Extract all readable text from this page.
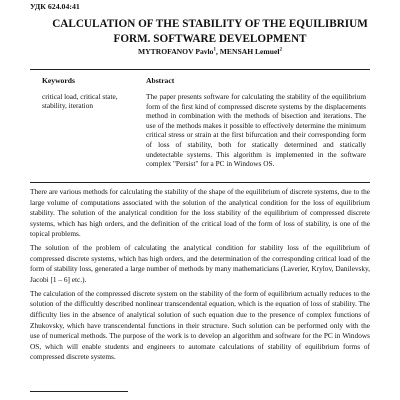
УДК 624.04:41
CALCULATION OF THE STABILITY OF THE EQUILIBRIUM FORM. SOFTWARE DEVELOPMENT
MYTROFANOV Pavlo$^1$, MENSAH Lemuel$^2$
Keywords	Abstract
critical load, critical state, stability, iteration
The paper presents software for calculating the stability of the equilibrium form of the first kind of compressed discrete systems by the displacements method in combination with the methods of bisection and iterations. The use of the methods makes it possible to effectively determine the minimum critical stress or strain at the first bifurcation and their corresponding form of loss of stability, both for statically determined and statically undetectable systems. This algorithm is implemented in the software complex "Persist" for a PC in Windows OS.

There are various methods for calculating the stability of the shape of the equilibrium of discrete systems, due to the large volume of computations associated with the solution of the analytical condition for the loss of equilibrium stability. The solution of the analytical condition for the loss stability of the equilibrium of compressed discrete systems, which has high orders, and the definition of the critical load of the form of loss of stability, is one of the topical problems.

The solution of the problem of calculating the analytical condition for stability loss of the equilibrium of compressed discrete systems, which has high orders, and the determination of the corresponding critical load of the form of stability loss, generated a large number of methods by many mathematicians (Laverier, Krylov, Danilevsky, Jacobi [1 – 6] etc.).

The calculation of the compressed discrete system on the stability of the form of equilibrium actually reduces to the solution of the difficultly described nonlinear transcendental equation, which is the equation of loss of stability. The difficulty lies in the absence of analytical solution of such equation due to the presence of complex functions of Zhukovsky, which have transcendental functions in their structure. Such solution can be performed only with the use of numerical methods. The purpose of the work is to develop an algorithm and software for the PC in Windows OS, which will enable students and engineers to automate calculations of stability of equilibrium forms of compressed discrete systems.
